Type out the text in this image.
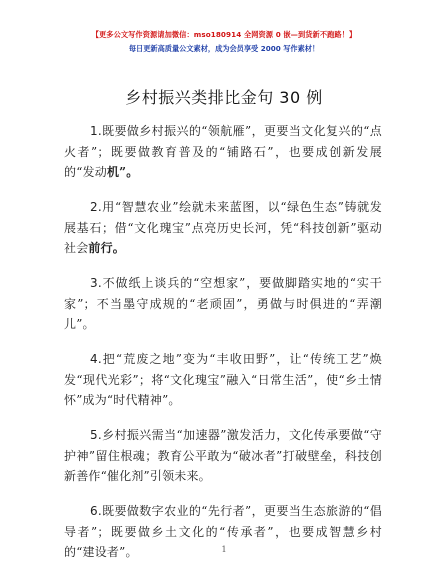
【更多公文写作资源请加微信：mso180914 全网资源 0 嵌—到货新不跑路！】
每日更新高质量公文素材，成为会员享受 2000 写作素材！
乡村振兴类排比金句 30 例

1.既要做乡村振兴的“领航雁”，更要当文化复兴的“点火者”；既要做教育普及的“铺路石”，也要成创新发展的“发动机”。

2.用“智慧农业”绘就未来蓝图，以“绿色生态”铸就发展基石；借“文化瑰宝”点亮历史长河，凭“科技创新”驱动社会前行。

3.不做纸上谈兵的“空想家”，要做脚踏实地的“实干家”；不当墨守成规的“老顽固”，勇做与时俱进的“弄潮儿”。

4.把“荒废之地”变为“丰收田野”，让“传统工艺”焕发“现代光彩”；将“文化瑰宝”融入“日常生活”，使“乡土情怀”成为“时代精神”。

5.乡村振兴需当“加速器”激发活力，文化传承要做“守护神”留住根魂；教育公平敢为“破冰者”打破壁垒，科技创新善作“催化剂”引领未来。

6.既要做数字农业的“先行者”，更要当生态旅游的“倡导者”；既要做乡土文化的“传承者”，也要成智慧乡村的“建设者”。	1
